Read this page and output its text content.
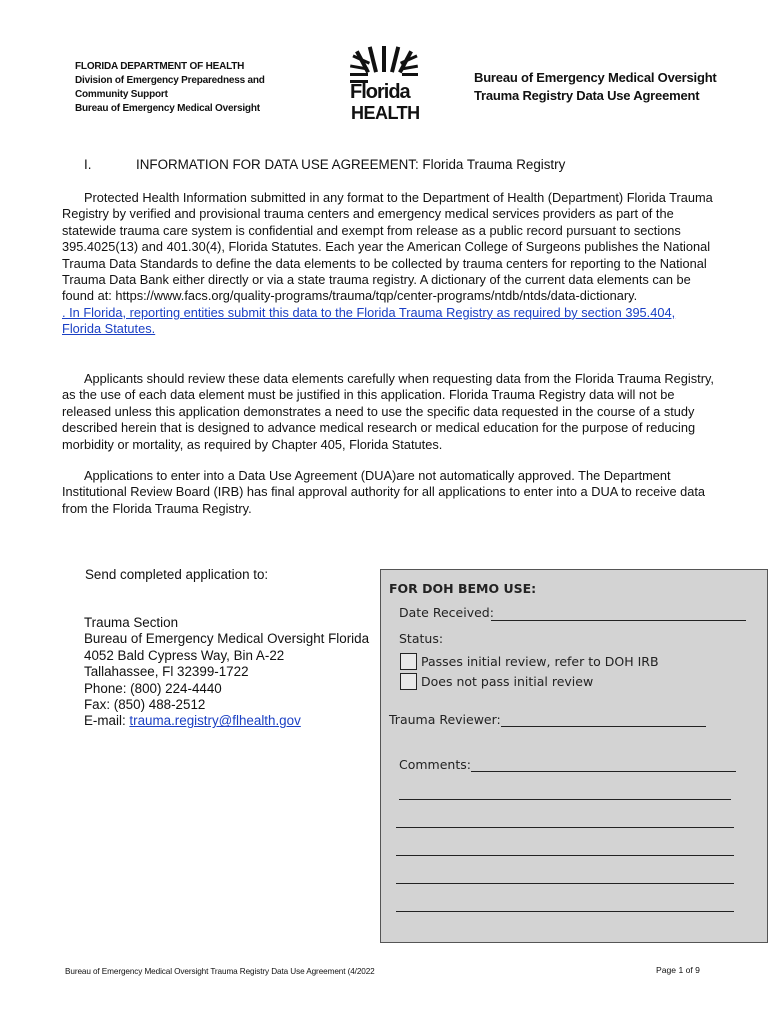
FLORIDA DEPARTMENT OF HEALTH
Division of Emergency Preparedness and
Community Support
Bureau of Emergency Medical Oversight
Florida
HEALTH
Bureau of Emergency Medical Oversight
Trauma Registry Data Use Agreement
I.	INFORMATION FOR DATA USE AGREEMENT: Florida Trauma Registry
Protected Health Information submitted in any format to the Department of Health (Department) Florida Trauma Registry by verified and provisional trauma centers and emergency medical services providers as part of the statewide trauma care system is confidential and exempt from release as a public record pursuant to sections 395.4025(13) and 401.30(4), Florida Statutes. Each year the American College of Surgeons publishes the National Trauma Data Standards to define the data elements to be collected by trauma centers for reporting to the National Trauma Data Bank either directly or via a state trauma registry. A dictionary of the current data elements can be found at: https://www.facs.org/quality-programs/trauma/tqp/center-programs/ntdb/ntds/data-dictionary.
. In Florida, reporting entities submit this data to the Florida Trauma Registry as required by section 395.404, Florida Statutes.
Applicants should review these data elements carefully when requesting data from the Florida Trauma Registry, as the use of each data element must be justified in this application. Florida Trauma Registry data will not be released unless this application demonstrates a need to use the specific data requested in the course of a study described herein that is designed to advance medical research or medical education for the purpose of reducing morbidity or mortality, as required by Chapter 405, Florida Statutes.
Applications to enter into a Data Use Agreement (DUA)are not automatically approved. The Department Institutional Review Board (IRB) has final approval authority for all applications to enter into a DUA to receive data from the Florida Trauma Registry.
Send completed application to:
Trauma Section
Bureau of Emergency Medical Oversight Florida
4052 Bald Cypress Way, Bin A-22
Tallahassee, Fl 32399-1722
Phone: (800) 224-4440
Fax: (850) 488-2512
E-mail: trauma.registry@flhealth.gov
FOR DOH BEMO USE:
Date Received:
Status:
Passes initial review, refer to DOH IRB
Does not pass initial review
Trauma Reviewer:
Comments:
Bureau of Emergency Medical Oversight Trauma Registry Data Use Agreement (4/2022	Page 1 of 9
